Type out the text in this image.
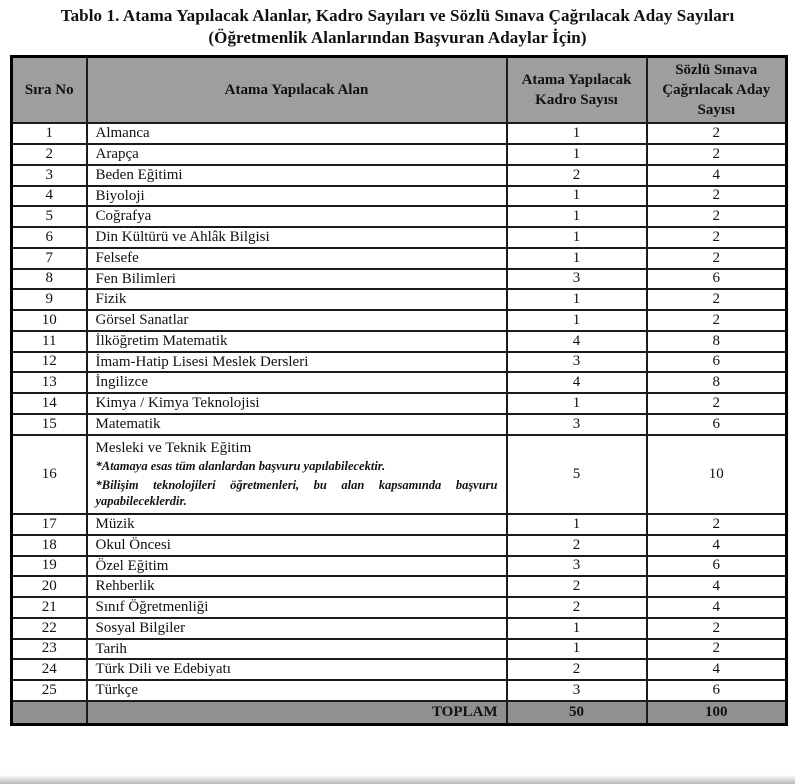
Tablo 1. Atama Yapılacak Alanlar, Kadro Sayıları ve Sözlü Sınava Çağrılacak Aday Sayıları
(Öğretmenlik Alanlarından Başvuran Adaylar İçin)
Sıra No	Atama Yapılacak Alan	Atama Yapılacak Kadro Sayısı	Sözlü Sınava Çağrılacak Aday Sayısı
1	Almanca	1	2
2	Arapça	1	2
3	Beden Eğitimi	2	4
4	Biyoloji	1	2
5	Coğrafya	1	2
6	Din Kültürü ve Ahlâk Bilgisi	1	2
7	Felsefe	1	2
8	Fen Bilimleri	3	6
9	Fizik	1	2
10	Görsel Sanatlar	1	2
11	İlköğretim Matematik	4	8
12	İmam-Hatip Lisesi Meslek Dersleri	3	6
13	İngilizce	4	8
14	Kimya / Kimya Teknolojisi	1	2
15	Matematik	3	6
16	Mesleki ve Teknik Eğitim
*Atamaya esas tüm alanlardan başvuru yapılabilecektir.
*Bilişim teknolojileri öğretmenleri, bu alan kapsamında başvuru yapabileceklerdir.	5	10
17	Müzik	1	2
18	Okul Öncesi	2	4
19	Özel Eğitim	3	6
20	Rehberlik	2	4
21	Sınıf Öğretmenliği	2	4
22	Sosyal Bilgiler	1	2
23	Tarih	1	2
24	Türk Dili ve Edebiyatı	2	4
25	Türkçe	3	6
	TOPLAM	50	100
